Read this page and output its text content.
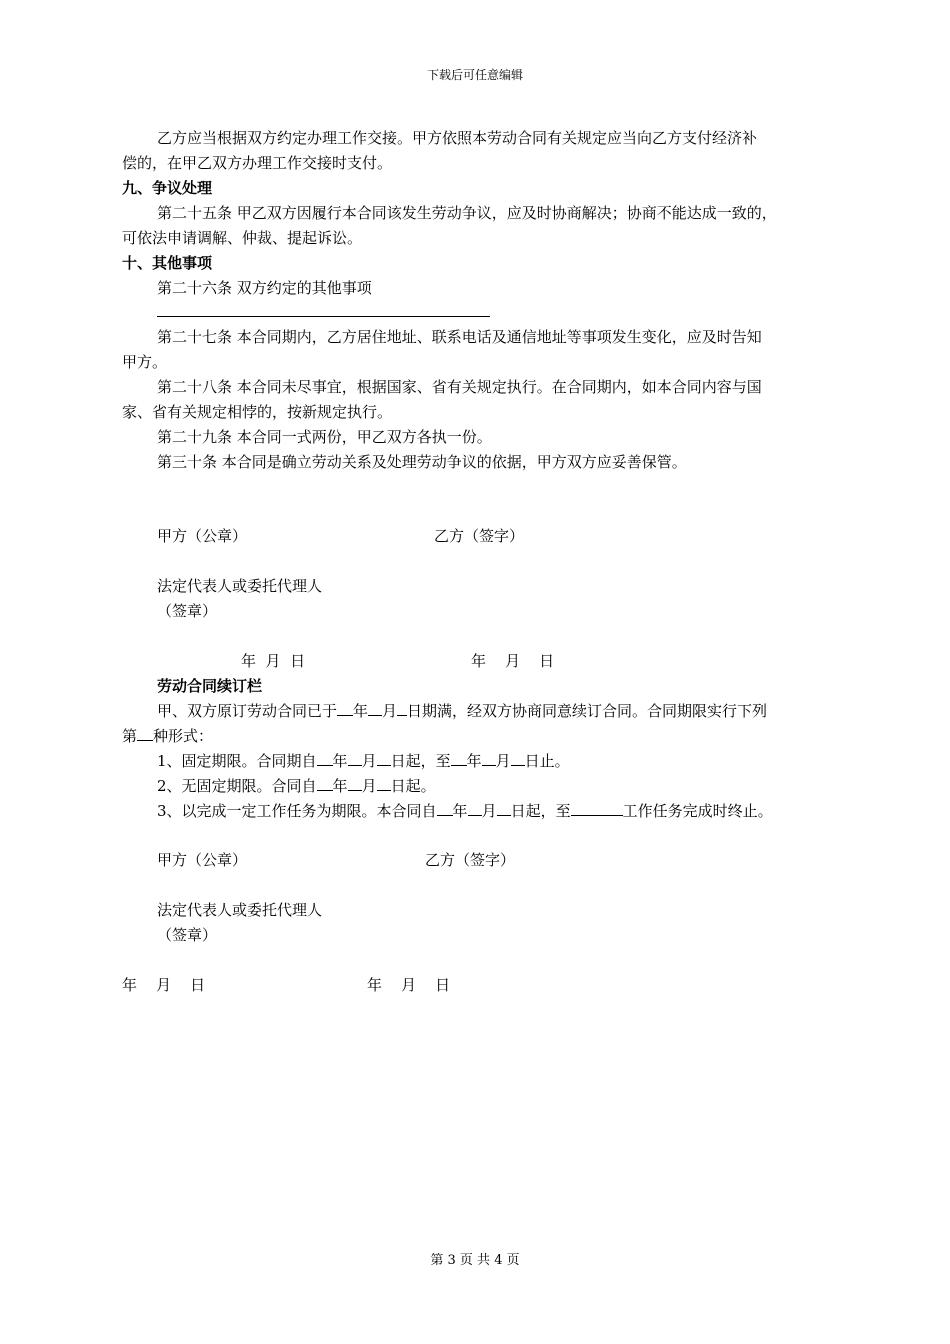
下载后可任意编辑
乙方应当根据双方约定办理工作交接。甲方依照本劳动合同有关规定应当向乙方支付经济补
偿的，在甲乙双方办理工作交接时支付。
九、争议处理
第二十五条 甲乙双方因履行本合同该发生劳动争议，应及时协商解决；协商不能达成一致的，
可依法申请调解、仲裁、提起诉讼。
十、其他事项
第二十六条 双方约定的其他事项
第二十七条 本合同期内，乙方居住地址、联系电话及通信地址等事项发生变化，应及时告知
甲方。
第二十八条 本合同未尽事宜，根据国家、省有关规定执行。在合同期内，如本合同内容与国
家、省有关规定相悖的，按新规定执行。
第二十九条 本合同一式两份，甲乙双方各执一份。
第三十条 本合同是确立劳动关系及处理劳动争议的依据，甲方双方应妥善保管。
甲方（公章）	乙方（签字）
法定代表人或委托代理人
（签章）
年  月  日	年    月    日
劳动合同续订栏
甲、双方原订劳动合同已于 年 月 日期满，经双方协商同意续订合同。合同期限实行下列
第 种形式：
1、固定期限。合同期自 年 月 日起，至 年 月 日止。
2、无固定期限。合同自 年 月 日起。
3、以完成一定工作任务为期限。本合同自 年 月 日起，至	工作任务完成时终止。
甲方（公章）	乙方（签字）
法定代表人或委托代理人
（签章）
年    月    日	年    月    日
第 3 页 共 4 页
